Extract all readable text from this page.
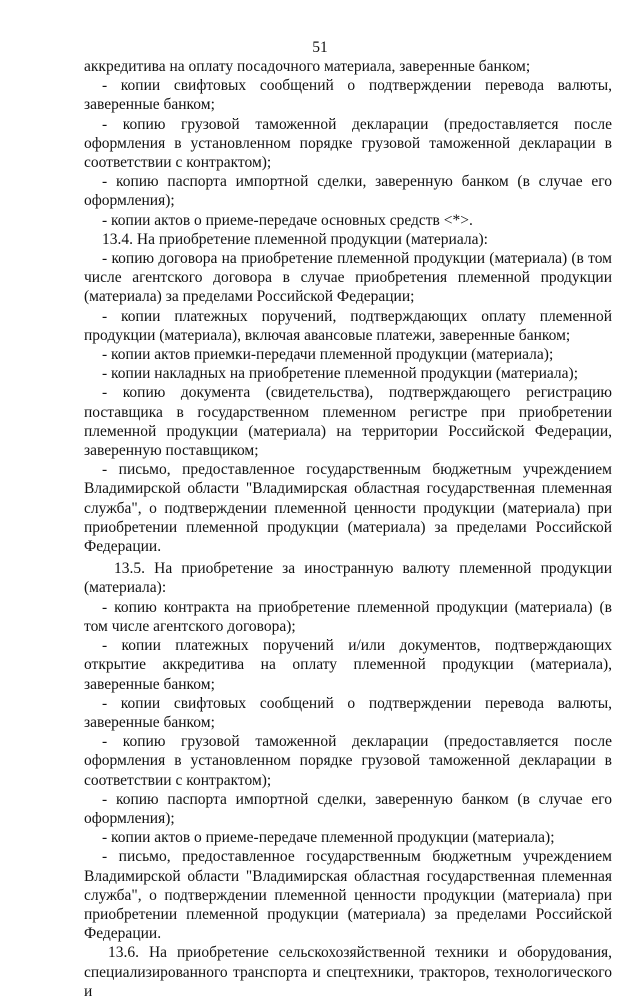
51

аккредитива на оплату посадочного материала, заверенные банком;

- копии свифтовых сообщений о подтверждении перевода валюты, заверенные банком;

- копию грузовой таможенной декларации (предоставляется после оформления в установленном порядке грузовой таможенной декларации в соответствии с контрактом);

- копию паспорта импортной сделки, заверенную банком (в случае его оформления);

- копии актов о приеме-передаче основных средств <*>.

13.4. На приобретение племенной продукции (материала):

- копию договора на приобретение племенной продукции (материала) (в том числе агентского договора в случае приобретения племенной продукции (материала) за пределами Российской Федерации;

- копии платежных поручений, подтверждающих оплату племенной продукции (материала), включая авансовые платежи, заверенные банком;

- копии актов приемки-передачи племенной продукции (материала);

- копии накладных на приобретение племенной продукции (материала);

- копию документа (свидетельства), подтверждающего регистрацию поставщика в государственном племенном регистре при приобретении племенной продукции (материала) на территории Российской Федерации, заверенную поставщиком;

- письмо, предоставленное государственным бюджетным учреждением Владимирской области "Владимирская областная государственная племенная служба", о подтверждении племенной ценности продукции (материала) при приобретении племенной продукции (материала) за пределами Российской Федерации.

13.5. На приобретение за иностранную валюту племенной продукции (материала):

- копию контракта на приобретение племенной продукции (материала) (в том числе агентского договора);

- копии платежных поручений и/или документов, подтверждающих открытие аккредитива на оплату племенной продукции (материала), заверенные банком;

- копии свифтовых сообщений о подтверждении перевода валюты, заверенные банком;

- копию грузовой таможенной декларации (предоставляется после оформления в установленном порядке грузовой таможенной декларации в соответствии с контрактом);

- копию паспорта импортной сделки, заверенную банком (в случае его оформления);

- копии актов о приеме-передаче племенной продукции (материала);

- письмо, предоставленное государственным бюджетным учреждением Владимирской области "Владимирская областная государственная племенная служба", о подтверждении племенной ценности продукции (материала) при приобретении племенной продукции (материала) за пределами Российской Федерации.

13.6. На приобретение сельскохозяйственной техники и оборудования, специализированного транспорта и спецтехники, тракторов, технологического и
